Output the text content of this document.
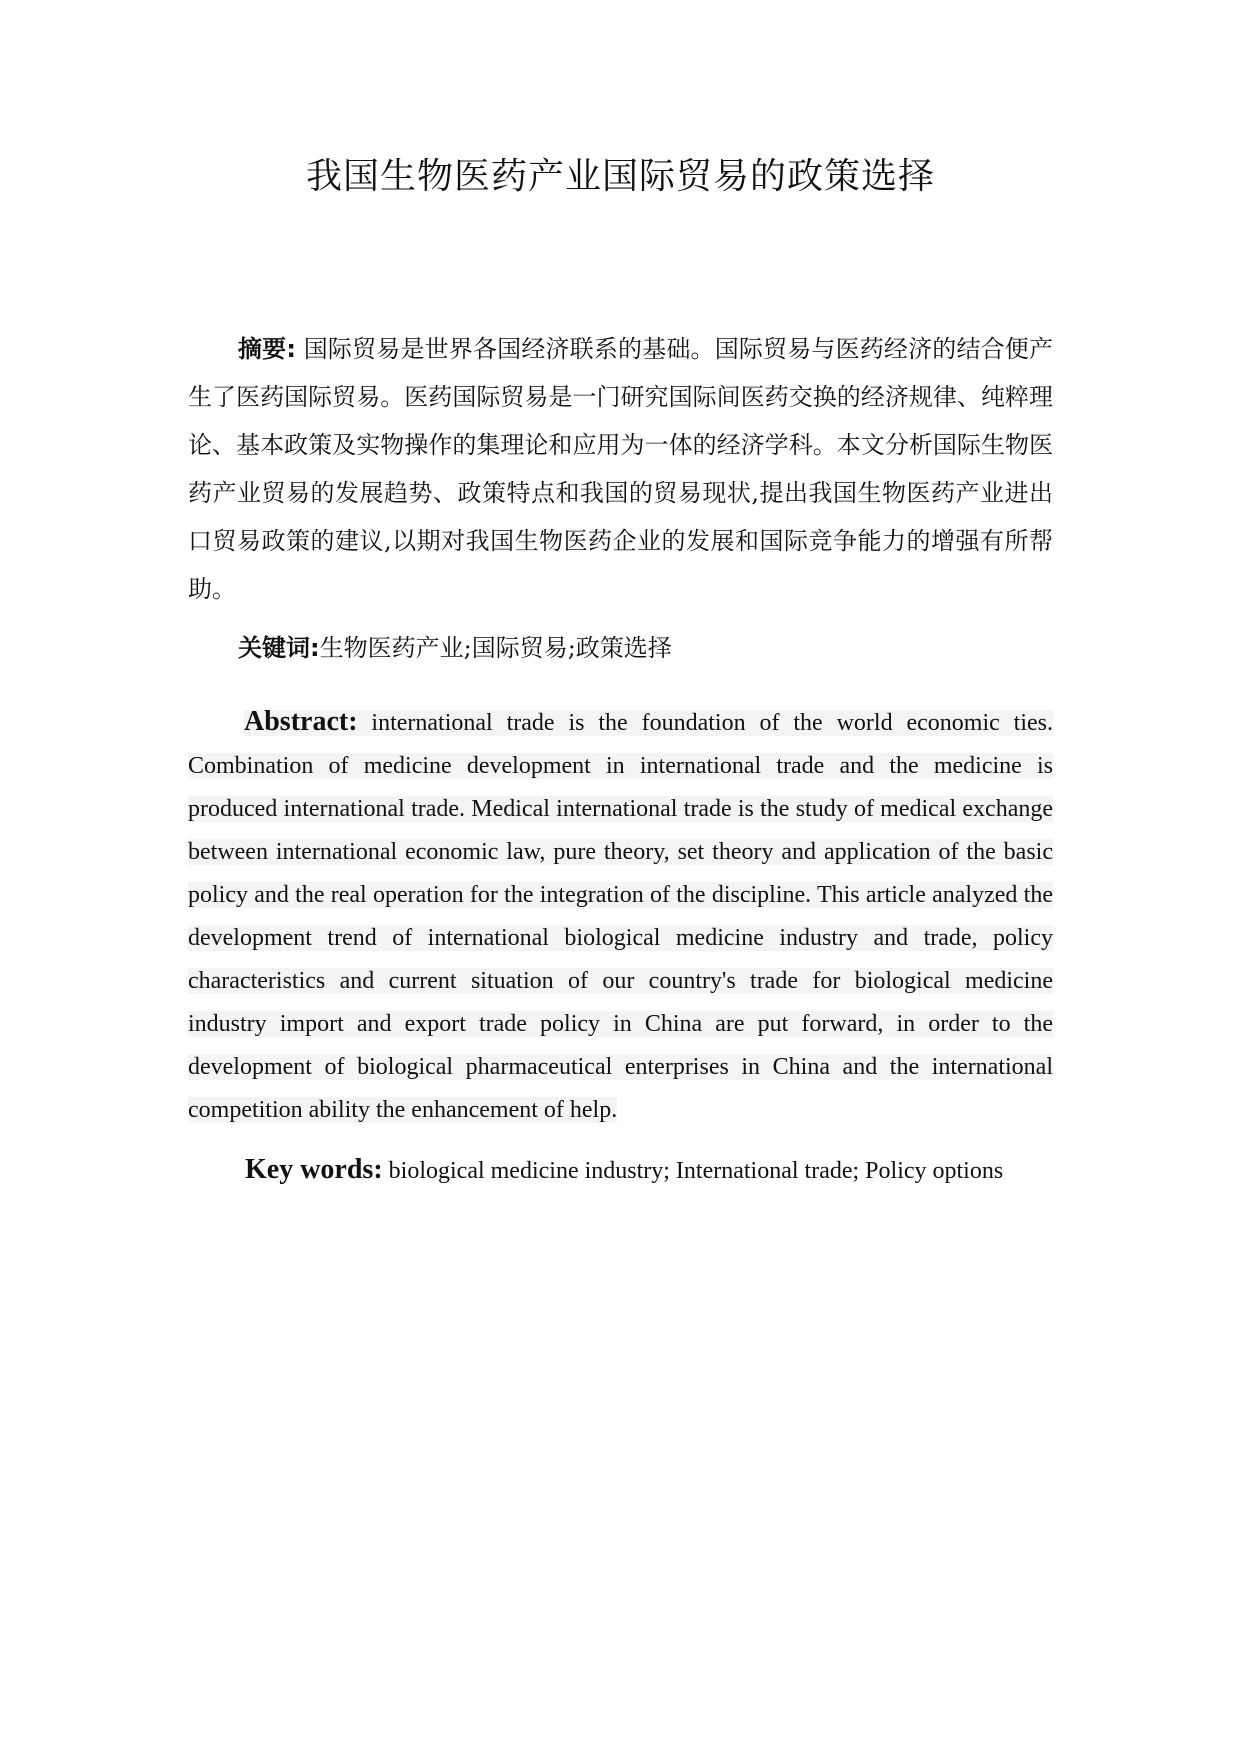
我国生物医药产业国际贸易的政策选择

摘要: 国际贸易是世界各国经济联系的基础。国际贸易与医药经济的结合便产生了医药国际贸易。医药国际贸易是一门研究国际间医药交换的经济规律、纯粹理论、基本政策及实物操作的集理论和应用为一体的经济学科。本文分析国际生物医药产业贸易的发展趋势、政策特点和我国的贸易现状,提出我国生物医药产业进出口贸易政策的建议,以期对我国生物医药企业的发展和国际竞争能力的增强有所帮助。

关键词:生物医药产业;国际贸易;政策选择

Abstract: international trade is the foundation of the world economic ties. Combination of medicine development in international trade and the medicine is produced international trade. Medical international trade is the study of medical exchange between international economic law, pure theory, set theory and application of the basic policy and the real operation for the integration of the discipline. This article analyzed the development trend of international biological medicine industry and trade, policy characteristics and current situation of our country's trade for biological medicine industry import and export trade policy in China are put forward, in order to the development of biological pharmaceutical enterprises in China and the international competition ability the enhancement of help.

Key words: biological medicine industry; International trade; Policy options
